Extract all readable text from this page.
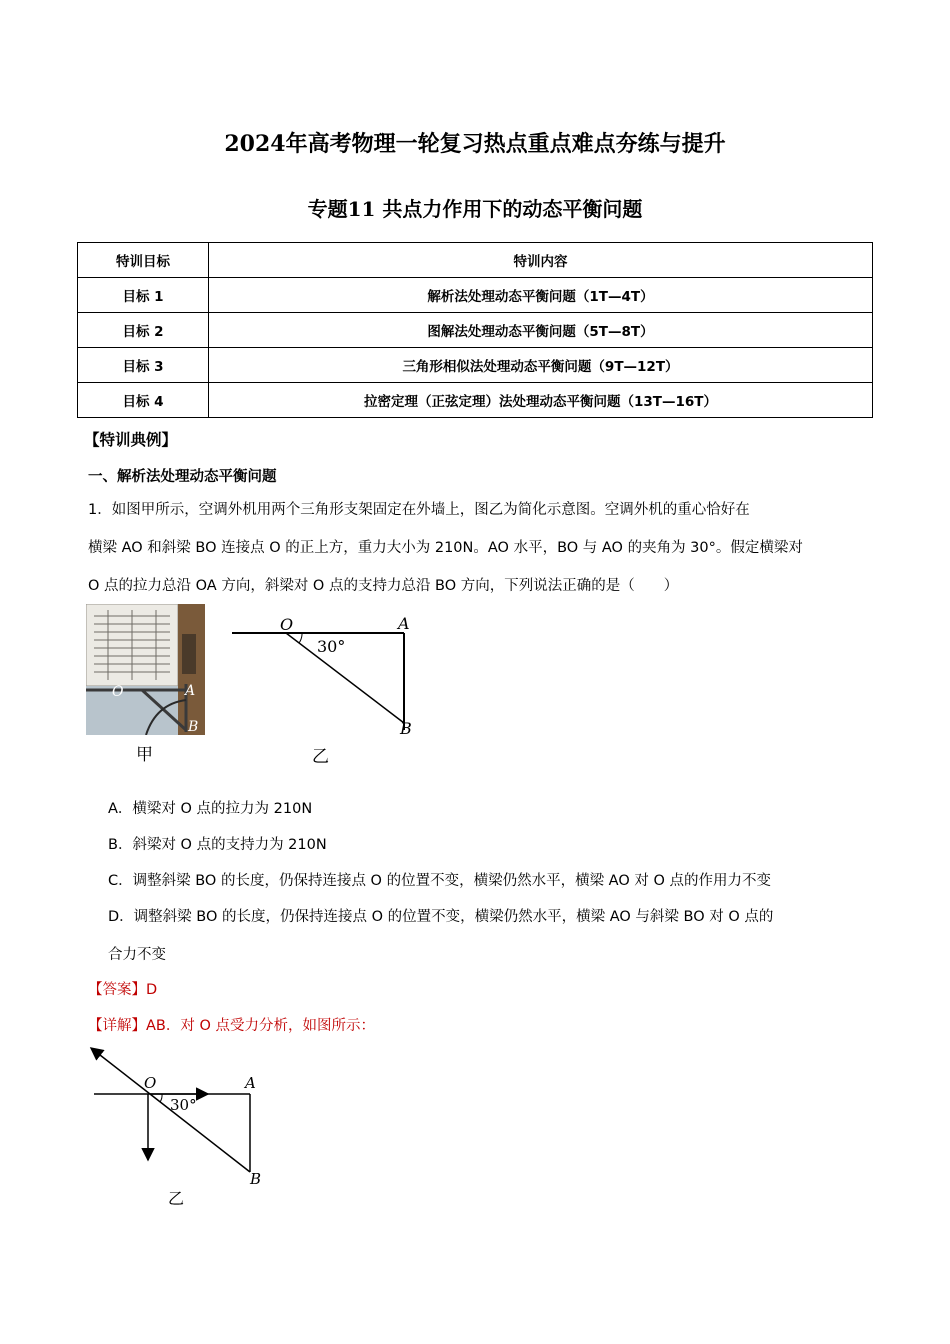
2024年高考物理一轮复习热点重点难点夯练与提升
专题11 共点力作用下的动态平衡问题
特训目标	特训内容
目标 1	解析法处理动态平衡问题（1T—4T）
目标 2	图解法处理动态平衡问题（5T—8T）
目标 3	三角形相似法处理动态平衡问题（9T—12T）
目标 4	拉密定理（正弦定理）法处理动态平衡问题（13T—16T）
【特训典例】
一、解析法处理动态平衡问题
1．如图甲所示，空调外机用两个三角形支架固定在外墙上，图乙为简化示意图。空调外机的重心恰好在
横梁 AO 和斜梁 BO 连接点 O 的正上方，重力大小为 210N。AO 水平，BO 与 AO 的夹角为 30°。假定横梁对
O 点的拉力总沿 OA 方向，斜梁对 O 点的支持力总沿 BO 方向，下列说法正确的是（　　）
O	A
B
甲
O	A
B
30°
乙
A．横梁对 O 点的拉力为 210N
B．斜梁对 O 点的支持力为 210N
C．调整斜梁 BO 的长度，仍保持连接点 O 的位置不变，横梁仍然水平，横梁 AO 对 O 点的作用力不变
D．调整斜梁 BO 的长度，仍保持连接点 O 的位置不变，横梁仍然水平，横梁 AO 与斜梁 BO 对 O 点的
合力不变
【答案】D
【详解】AB．对 O 点受力分析，如图所示：
O	A
B
30°
乙
